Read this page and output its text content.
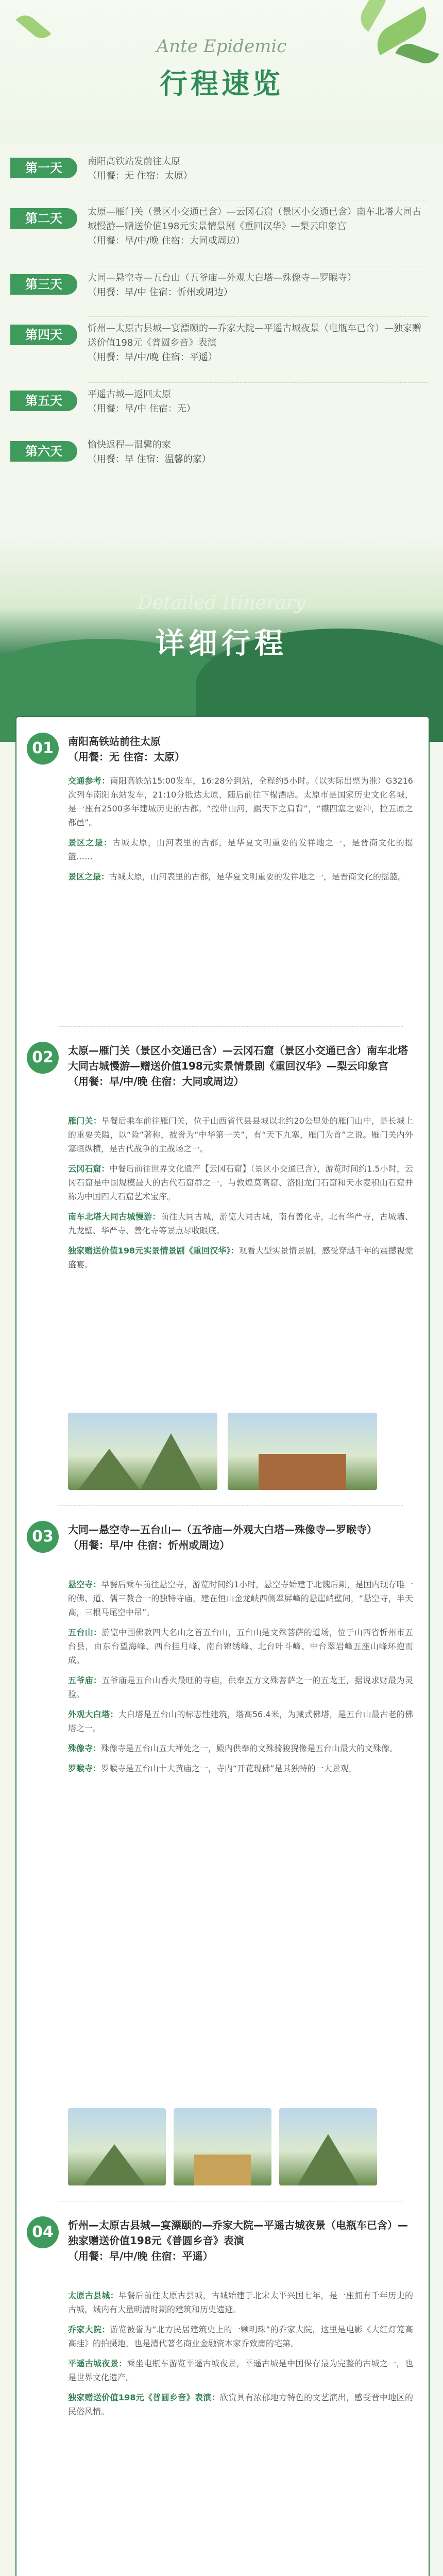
Ante Epidemic
行程速览
第一天	南阳高铁站发前往太原
（用餐：无 住宿：太原）
第二天	太原—雁门关（景区小交通已含）—云冈石窟（景区小交通已含）南车北塔大同古城慢游—赠送价值198元实景情景剧《重回汉华》—梨云印象宫
（用餐：早/中/晚 住宿：大同或周边）
第三天	大同—悬空寺—五台山（五爷庙—外观大白塔—殊像寺—罗睺寺）
（用餐：早/中 住宿：忻州或周边）
第四天	忻州—太原古县城—宴漂颐的—乔家大院—平遥古城夜景（电瓶车已含）—独家赠送价值198元《普圆乡音》表演
（用餐：早/中/晚 住宿：平遥）
第五天	平遥古城—返回太原
（用餐：早/中 住宿：无）
第六天	愉快返程—温馨的家
（用餐：早 住宿：温馨的家）
Detailed Itinerary
详细行程
01	南阳高铁站前往太原
（用餐：无 住宿：太原）

交通参考：南阳高铁站15:00发车，16:28分到站，全程约5小时。（以实际出票为准）G3216次列车南阳东站发车，21:10分抵达太原，随后前往下榻酒店。太原市是国家历史文化名城，是一座有2500多年建城历史的古都。“控带山河，踞天下之肩背”，“襟四塞之要冲，控五原之都邑”。

景区之最：古城太原，山河表里的古都，是华夏文明重要的发祥地之一，是晋商文化的摇篮……

景区之最：古城太原，山河表里的古都，是华夏文明重要的发祥地之一，是晋商文化的摇篮。

02	太原—雁门关（景区小交通已含）—云冈石窟（景区小交通已含）南车北塔大同古城慢游—赠送价值198元实景情景剧《重回汉华》—梨云印象宫
（用餐：早/中/晚 住宿：大同或周边）

雁门关：早餐后乘车前往雁门关，位于山西省代县县城以北约20公里处的雁门山中，是长城上的重要关隘，以“险”著称，被誉为“中华第一关”，有“天下九塞，雁门为首”之说。雁门关内外塞垣纵横，是古代战争的主战场之一。

云冈石窟：中餐后前往世界文化遗产【云冈石窟】（景区小交通已含），游览时间约1.5小时，云冈石窟是中国规模最大的古代石窟群之一，与敦煌莫高窟、洛阳龙门石窟和天水麦积山石窟并称为中国四大石窟艺术宝库。

南车北塔大同古城慢游：前往大同古城，游览大同古城，南有善化寺，北有华严寺，古城墙、九龙壁、华严寺、善化寺等景点尽收眼底。

独家赠送价值198元实景情景剧《重回汉华》：观看大型实景情景剧，感受穿越千年的震撼视觉盛宴。

03	大同—悬空寺—五台山—（五爷庙—外观大白塔—殊像寺—罗睺寺）
（用餐：早/中 住宿：忻州或周边）

悬空寺：早餐后乘车前往悬空寺，游览时间约1小时，悬空寺始建于北魏后期，是国内现存唯一的佛、道、儒三教合一的独特寺庙，建在恒山金龙峡西侧翠屏峰的悬崖峭壁间，“悬空寺，半天高，三根马尾空中吊”。

五台山：游览中国佛教四大名山之首五台山，五台山是文殊菩萨的道场，位于山西省忻州市五台县，由东台望海峰、西台挂月峰、南台锦绣峰、北台叶斗峰、中台翠岩峰五座山峰环抱而成。

五爷庙：五爷庙是五台山香火最旺的寺庙，供奉五方文殊菩萨之一的五龙王，据说求财最为灵验。

外观大白塔：大白塔是五台山的标志性建筑，塔高56.4米，为藏式佛塔，是五台山最古老的佛塔之一。

殊像寺：殊像寺是五台山五大禅处之一，殿内供奉的文殊骑狻猊像是五台山最大的文殊像。

罗睺寺：罗睺寺是五台山十大黄庙之一，寺内“开花现佛”是其独特的一大景观。

04	忻州—太原古县城—宴漂颐的—乔家大院—平遥古城夜景（电瓶车已含）—独家赠送价值198元《普圆乡音》表演
（用餐：早/中/晚 住宿：平遥）

太原古县城：早餐后前往太原古县城，古城始建于北宋太平兴国七年，是一座拥有千年历史的古城，城内有大量明清时期的建筑和历史遗迹。

乔家大院：游览被誉为“北方民居建筑史上的一颗明珠”的乔家大院，这里是电影《大红灯笼高高挂》的拍摄地，也是清代著名商业金融资本家乔致庸的宅第。

平遥古城夜景：乘坐电瓶车游览平遥古城夜景，平遥古城是中国保存最为完整的古城之一，也是世界文化遗产。

独家赠送价值198元《普圆乡音》表演：欣赏具有浓郁地方特色的文艺演出，感受晋中地区的民俗风情。
